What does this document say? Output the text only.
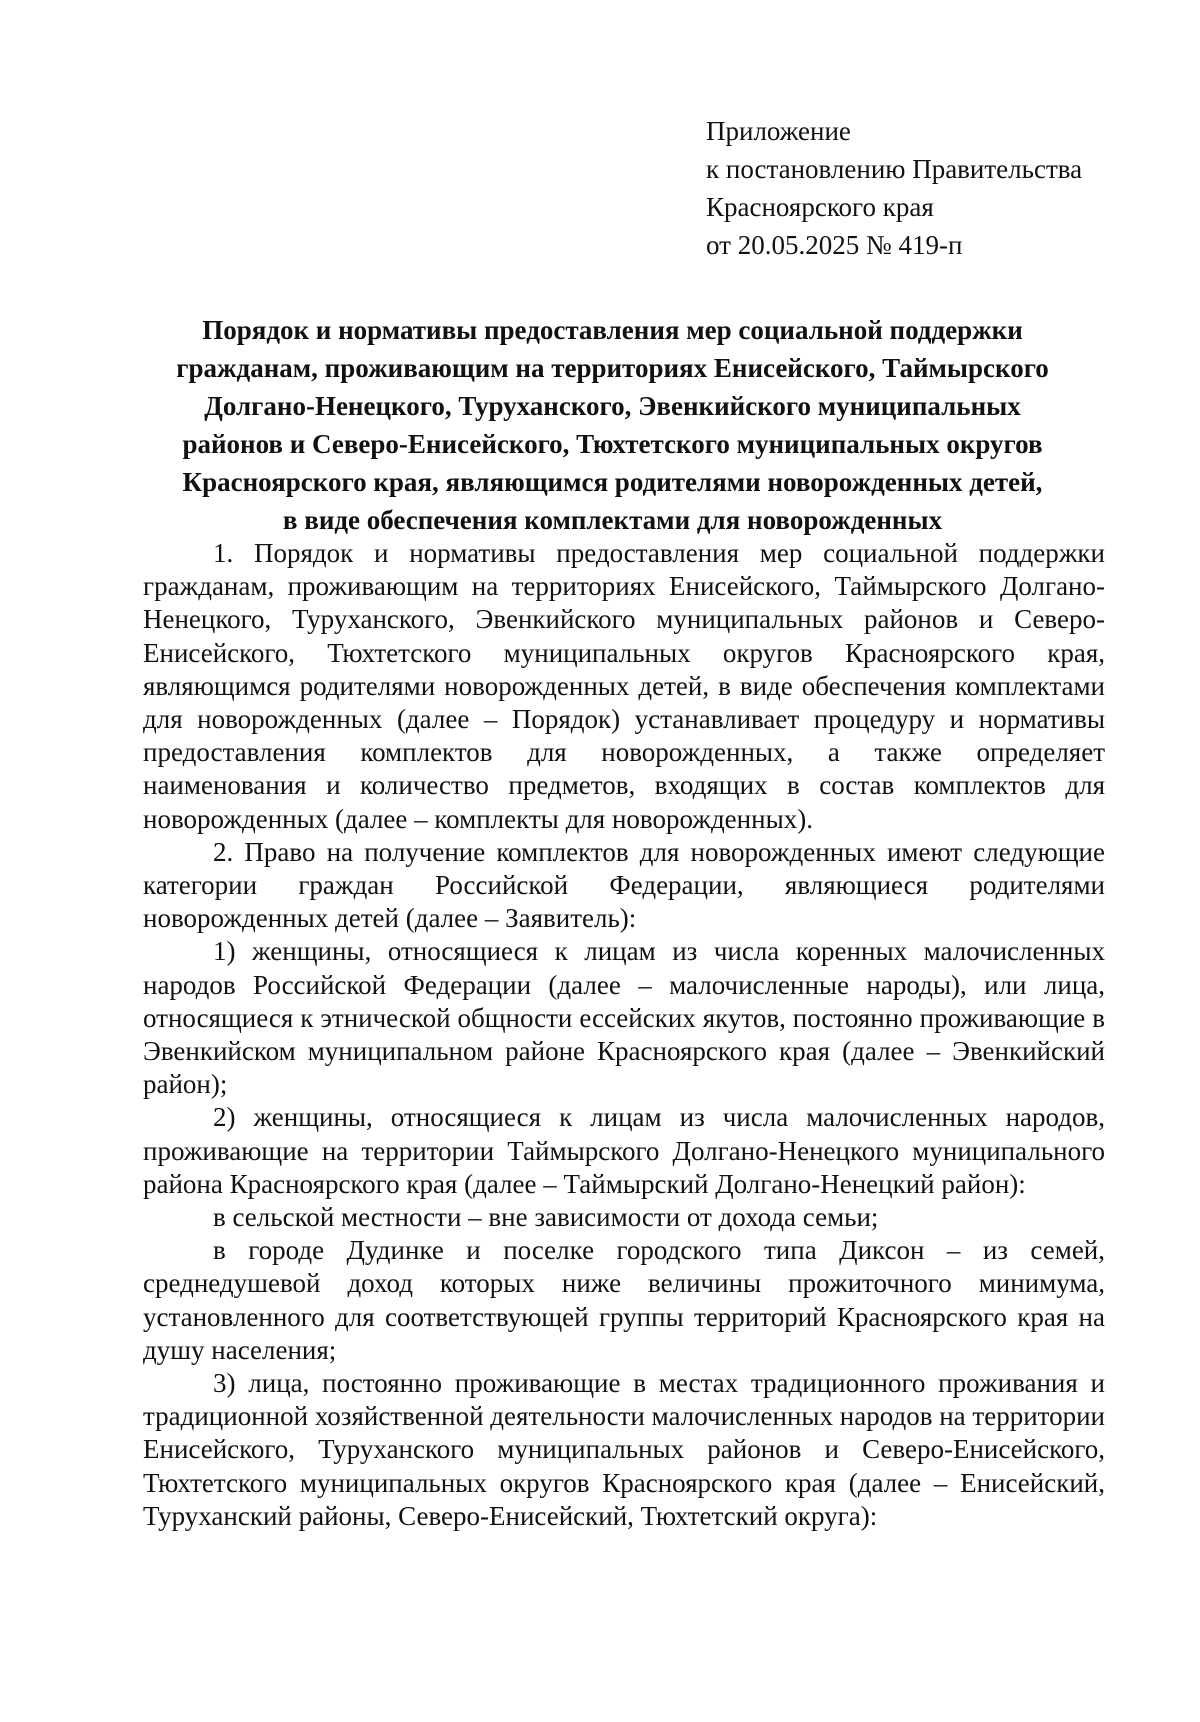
Приложение
к постановлению Правительства
Красноярского края
от 20.05.2025 № 419-п
Порядок и нормативы предоставления мер социальной поддержки
гражданам, проживающим на территориях Енисейского, Таймырского
Долгано-Ненецкого, Туруханского, Эвенкийского муниципальных
районов и Северо-Енисейского, Тюхтетского муниципальных округов
Красноярского края, являющимся родителями новорожденных детей,
в виде обеспечения комплектами для новорожденных

1. Порядок и нормативы предоставления мер социальной поддержки гражданам, проживающим на территориях Енисейского, Таймырского Долгано-Ненецкого, Туруханского, Эвенкийского муниципальных районов и Северо-Енисейского, Тюхтетского муниципальных округов Красноярского края, являющимся родителями новорожденных детей, в виде обеспечения комплектами для новорожденных (далее – Порядок) устанавливает процедуру и нормативы предоставления комплектов для новорожденных, а также определяет наименования и количество предметов, входящих в состав комплектов для новорожденных (далее – комплекты для новорожденных).

2. Право на получение комплектов для новорожденных имеют следующие категории граждан Российской Федерации, являющиеся родителями новорожденных детей (далее – Заявитель):

1) женщины, относящиеся к лицам из числа коренных малочисленных народов Российской Федерации (далее – малочисленные народы), или лица, относящиеся к этнической общности ессейских якутов, постоянно проживающие в Эвенкийском муниципальном районе Красноярского края (далее – Эвенкийский район);

2) женщины, относящиеся к лицам из числа малочисленных народов, проживающие на территории Таймырского Долгано-Ненецкого муниципального района Красноярского края (далее – Таймырский Долгано-Ненецкий район):

в сельской местности – вне зависимости от дохода семьи;

в городе Дудинке и поселке городского типа Диксон – из семей, среднедушевой доход которых ниже величины прожиточного минимума, установленного для соответствующей группы территорий Красноярского края на душу населения;

3) лица, постоянно проживающие в местах традиционного проживания и традиционной хозяйственной деятельности малочисленных народов на территории Енисейского, Туруханского муниципальных районов и Северо-Енисейского, Тюхтетского муниципальных округов Красноярского края (далее – Енисейский, Туруханский районы, Северо-Енисейский, Тюхтетский округа):
